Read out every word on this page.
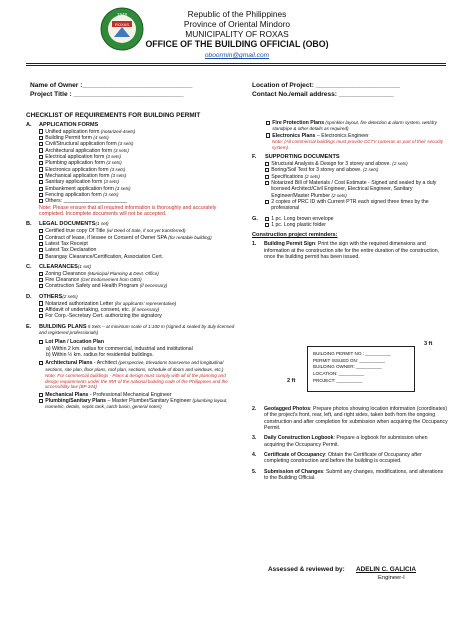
1948
ROXAS
Republic of the Philippines
Province of Oriental Mindoro
MUNICIPALITY OF ROXAS
OFFICE OF THE BUILDING OFFICIAL (OBO)
oboormin@gmail.com
Name of Owner :______________________________
Project Title : ______________________________
Location of Project: _______________________
Contact No./email address: _______________
CHECKLIST OF REQUIREMENTS FOR BUILDING PERMIT
A.	APPLICATION FORMS
Unified application form (notarized-4sets)
Building Permit form (4 sets)
Civil/Structural application form (3 sets)
Architectural application form (3 sets)
Electrical application form (3 sets)
Plumbing application form (3 sets)
Electronics application form (3 sets)
Mechanical application form (3 sets)
Sanitary application form (3 sets)
Embankment application form (3 sets)
Fencing application form (3 sets)
Others: ______________________
Note: Please ensure that all required information is thoroughly and accurately completed. Incomplete documents will not be accepted.
B.	LEGAL DOCUMENTS (1 set)
Certified true copy Of Title (w/ Deed of Sale, if not yet transferred)
Contract of lease, if lessee or Consent of Owner SPA (for rentable building)
Latest Tax Receipt
Latest Tax Declaration
Barangay Clearance/Certification, Association Cert.
C.	CLEARANCES (1 set)
Zoning Clearance (Municipal Planning & Devt. Office)
Fire Clearance (Get Endorsement from OBO)
Construction Safety and Health Program (if necessary)
D.	OTHERS (2 sets)
Notarized authorization Letter (for applicants' representative)
Affidavit of undertaking, consent, etc. (if necessary)
For Corp.-Secretary Cert. authorizing the signatory
E.	BUILDING PLANS 5 Sets – at minimum scale of 1:100 m (signed & sealed by duly licensed and registered professionals)
Lot Plan / Location Plan
a) Within 2 km. radius for commercial, industrial and institutional
b) Within ½ km. radius for residential buildings.
Architectural Plans - Architect (perspective, Elevations transverse and longitudinal sections, site plan, floor plans, roof plan, sections, schedule of doors and windows, etc.)
Note: For commercial buildings - Plans & design must comply with all of the planning and design requirements under the IRR of the national building code of the Philippines and the accessibility law (BP 344)
Mechanical Plans - Professional Mechanical Engineer
Plumbing/Sanitary Plans – Master Plumber/Sanitary Engineer (plumbing layout, isometric, details, septic tank, catch basin, general notes)
Fire Protection Plans (sprinkler layout, fire detection & alarm system, wet/dry standpipe & other details as required)
Electronics Plans – Electronics Engineer
Note: (All commercial buildings must provide CCTV cameras as part of their security system).
F.	SUPPORTING DOCUMENTS
Structural Analysis & Design for 3 storey and above. (2 sets)
Boring/Soil Test for 3 storey and above. (2 sets)
Specifications (2 sets)
Notarized Bill of Materials / Cost Estimate - Signed and sealed by a duly licensed Architect/Civil Engineer, Electrical Engineer, Sanitary Engineer/Master Plumber (2 sets)
2 copies of PRC ID with Current PTR each signed three times by the professional
G.	1 pc. Long brown envelope
1 pc. Long plastic folder
Construction project reminders:
1.	Building Permit Sign: Print the sign with the required dimensions and information at the construction site for the entire duration of the construction, once the building permit has been issued.
3 ft
2 ft
BUILDING PERMIT NO.: __________
PERMIT ISSUED ON: __________
BUILDING OWNER: __________
LOCATION: __________
PROJECT: __________
2.	Geotagged Photos: Prepare photos showing location information (coordinates) of the project's front, rear, left, and right sides, taken both from the ongoing construction and after completion for submission when acquiring the Occupancy Permit.
3.	Daily Construction Logbook: Prepare a logbook for submission when acquiring the Occupancy Permit.
4.	Certificate of Occupancy: Obtain the Certificate of Occupancy after completing construction and before the building is occupied.
5.	Submission of Changes: Submit any changes, modifications, and alterations to the Building Official.
Assessed & reviewed by: ADELIN C. GALICIA
Engineer-I
